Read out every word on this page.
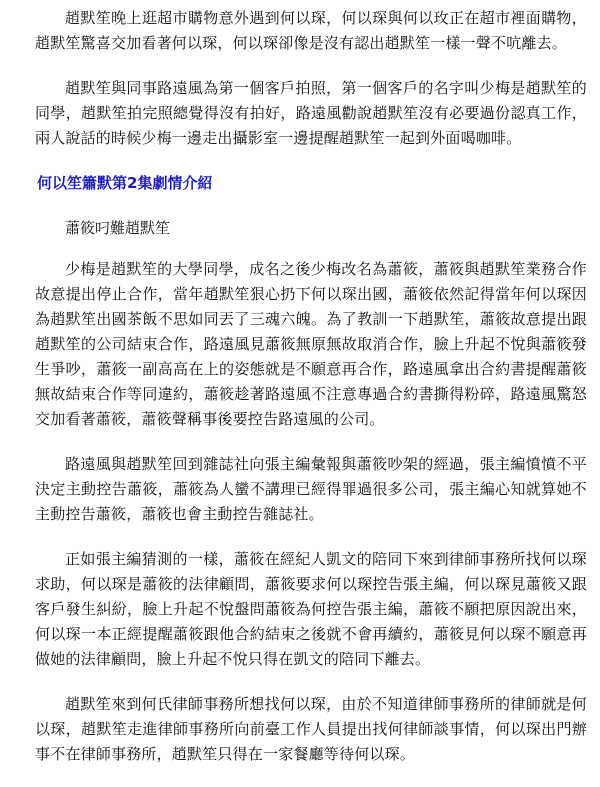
趙默笙晚上逛超市購物意外遇到何以琛，何以琛與何以玫正在超市裡面購物，趙默笙驚喜交加看著何以琛，何以琛卻像是沒有認出趙默笙一樣一聲不吭離去。

趙默笙與同事路遠風為第一個客戶拍照，第一個客戶的名字叫少梅是趙默笙的同學，趙默笙拍完照總覺得沒有拍好，路遠風勸說趙默笙沒有必要過份認真工作，兩人說話的時候少梅一邊走出攝影室一邊提醒趙默笙一起到外面喝咖啡。

何以笙簫默第2集劇情介紹
蕭筱叼難趙默笙

少梅是趙默笙的大學同學，成名之後少梅改名為蕭筱，蕭筱與趙默笙業務合作故意提出停止合作，當年趙默笙狠心扔下何以琛出國，蕭筱依然記得當年何以琛因為趙默笙出國茶飯不思如同丟了三魂六魄。為了教訓一下趙默笙，蕭筱故意提出跟趙默笙的公司結束合作，路遠風見蕭筱無原無故取消合作，臉上升起不悅與蕭筱發生爭吵，蕭筱一副高高在上的姿態就是不願意再合作，路遠風拿出合約書提醒蕭筱無故結束合作等同違約，蕭筱趁著路遠風不注意專過合約書撕得粉碎，路遠風驚怒交加看著蕭筱，蕭筱聲稱事後要控告路遠風的公司。

路遠風與趙默笙回到雜誌社向張主編彙報與蕭筱吵架的經過，張主編憤憤不平決定主動控告蕭筱，蕭筱為人蠻不講理已經得罪過很多公司，張主編心知就算她不主動控告蕭筱，蕭筱也會主動控告雜誌社。

正如張主編猜測的一樣，蕭筱在經紀人凱文的陪同下來到律師事務所找何以琛求助，何以琛是蕭筱的法律顧問，蕭筱要求何以琛控告張主編，何以琛見蕭筱又跟客戶發生糾紛，臉上升起不悅盤問蕭筱為何控告張主編，蕭筱不願把原因說出來，何以琛一本正經提醒蕭筱跟他合約結束之後就不會再續約，蕭筱見何以琛不願意再做她的法律顧問，臉上升起不悅只得在凱文的陪同下離去。

趙默笙來到何氏律師事務所想找何以琛，由於不知道律師事務所的律師就是何以琛，趙默笙走進律師事務所向前臺工作人員提出找何律師談事情，何以琛出門辦事不在律師事務所，趙默笙只得在一家餐廳等待何以琛。
